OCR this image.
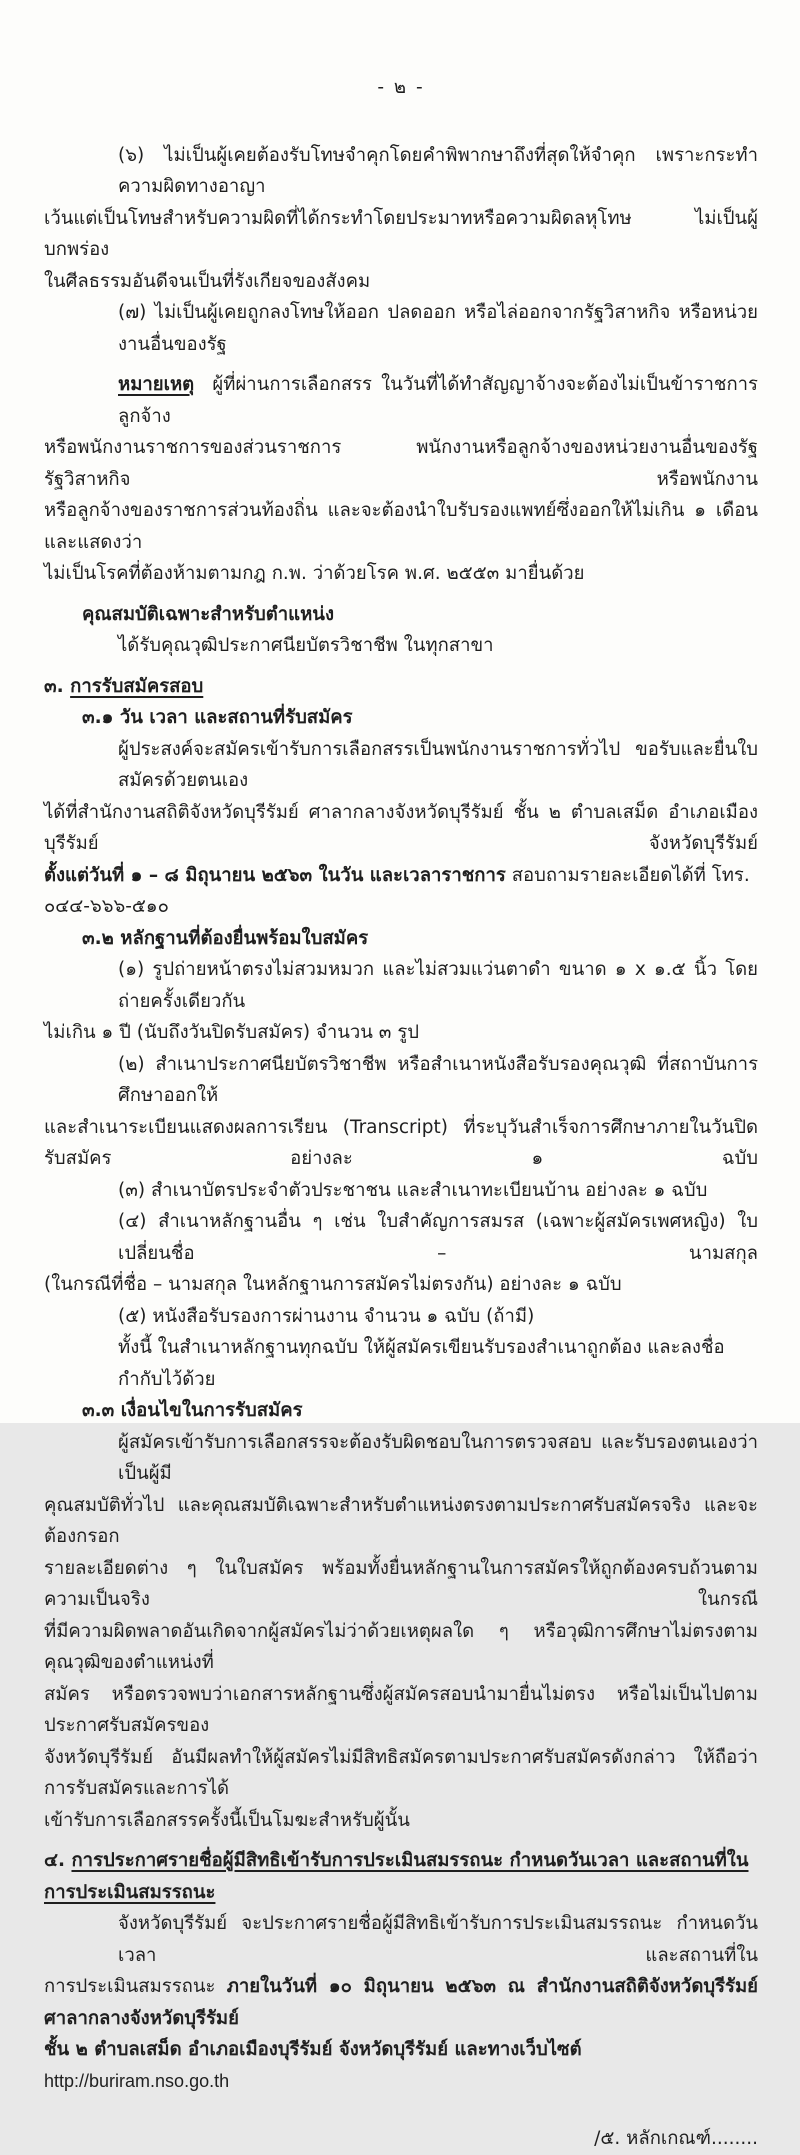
- ๒ -
(๖) ไม่เป็นผู้เคยต้องรับโทษจำคุกโดยคำพิพากษาถึงที่สุดให้จำคุก เพราะกระทำความผิดทางอาญา
เว้นแต่เป็นโทษสำหรับความผิดที่ได้กระทำโดยประมาทหรือความผิดลหุโทษ ไม่เป็นผู้บกพร่อง
ในศีลธรรมอันดีจนเป็นที่รังเกียจของสังคม
(๗) ไม่เป็นผู้เคยถูกลงโทษให้ออก ปลดออก หรือไล่ออกจากรัฐวิสาหกิจ หรือหน่วยงานอื่นของรัฐ
หมายเหตุ  ผู้ที่ผ่านการเลือกสรร ในวันที่ได้ทำสัญญาจ้างจะต้องไม่เป็นข้าราชการ ลูกจ้าง
หรือพนักงานราชการของส่วนราชการ พนักงานหรือลูกจ้างของหน่วยงานอื่นของรัฐ รัฐวิสาหกิจ หรือพนักงาน
หรือลูกจ้างของราชการส่วนท้องถิ่น และจะต้องนำใบรับรองแพทย์ซึ่งออกให้ไม่เกิน ๑ เดือน และแสดงว่า
ไม่เป็นโรคที่ต้องห้ามตามกฎ ก.พ. ว่าด้วยโรค พ.ศ. ๒๕๕๓ มายื่นด้วย
คุณสมบัติเฉพาะสำหรับตำแหน่ง
ได้รับคุณวุฒิประกาศนียบัตรวิชาชีพ ในทุกสาขา
๓. การรับสมัครสอบ
๓.๑ วัน เวลา และสถานที่รับสมัคร
ผู้ประสงค์จะสมัครเข้ารับการเลือกสรรเป็นพนักงานราชการทั่วไป ขอรับและยื่นใบสมัครด้วยตนเอง
ได้ที่สำนักงานสถิติจังหวัดบุรีรัมย์ ศาลากลางจังหวัดบุรีรัมย์ ชั้น ๒ ตำบลเสม็ด อำเภอเมืองบุรีรัมย์ จังหวัดบุรีรัมย์
ตั้งแต่วันที่ ๑ – ๘ มิถุนายน ๒๕๖๓ ในวัน และเวลาราชการ สอบถามรายละเอียดได้ที่ โทร. ๐๔๔-๖๖๖-๕๑๐
๓.๒ หลักฐานที่ต้องยื่นพร้อมใบสมัคร
(๑) รูปถ่ายหน้าตรงไม่สวมหมวก และไม่สวมแว่นตาดำ ขนาด ๑ x ๑.๕ นิ้ว โดยถ่ายครั้งเดียวกัน
ไม่เกิน ๑ ปี (นับถึงวันปิดรับสมัคร) จำนวน ๓ รูป
(๒) สำเนาประกาศนียบัตรวิชาชีพ หรือสำเนาหนังสือรับรองคุณวุฒิ ที่สถาบันการศึกษาออกให้
และสำเนาระเบียนแสดงผลการเรียน (Transcript) ที่ระบุวันสำเร็จการศึกษาภายในวันปิดรับสมัคร อย่างละ ๑ ฉบับ
(๓) สำเนาบัตรประจำตัวประชาชน และสำเนาทะเบียนบ้าน อย่างละ ๑ ฉบับ
(๔) สำเนาหลักฐานอื่น ๆ เช่น ใบสำคัญการสมรส (เฉพาะผู้สมัครเพศหญิง) ใบเปลี่ยนชื่อ – นามสกุล
(ในกรณีที่ชื่อ – นามสกุล ในหลักฐานการสมัครไม่ตรงกัน) อย่างละ ๑ ฉบับ
(๕) หนังสือรับรองการผ่านงาน จำนวน ๑ ฉบับ (ถ้ามี)
ทั้งนี้ ในสำเนาหลักฐานทุกฉบับ ให้ผู้สมัครเขียนรับรองสำเนาถูกต้อง และลงชื่อกำกับไว้ด้วย
๓.๓ เงื่อนไขในการรับสมัคร
ผู้สมัครเข้ารับการเลือกสรรจะต้องรับผิดชอบในการตรวจสอบ และรับรองตนเองว่าเป็นผู้มี
คุณสมบัติทั่วไป และคุณสมบัติเฉพาะสำหรับตำแหน่งตรงตามประกาศรับสมัครจริง และจะต้องกรอก
รายละเอียดต่าง ๆ ในใบสมัคร พร้อมทั้งยื่นหลักฐานในการสมัครให้ถูกต้องครบถ้วนตามความเป็นจริง ในกรณี
ที่มีความผิดพลาดอันเกิดจากผู้สมัครไม่ว่าด้วยเหตุผลใด ๆ หรือวุฒิการศึกษาไม่ตรงตามคุณวุฒิของตำแหน่งที่
สมัคร หรือตรวจพบว่าเอกสารหลักฐานซึ่งผู้สมัครสอบนำมายื่นไม่ตรง หรือไม่เป็นไปตามประกาศรับสมัครของ
จังหวัดบุรีรัมย์ อันมีผลทำให้ผู้สมัครไม่มีสิทธิสมัครตามประกาศรับสมัครดังกล่าว ให้ถือว่าการรับสมัครและการได้
เข้ารับการเลือกสรรครั้งนี้เป็นโมฆะสำหรับผู้นั้น
๔. การประกาศรายชื่อผู้มีสิทธิเข้ารับการประเมินสมรรถนะ กำหนดวันเวลา และสถานที่ในการประเมินสมรรถนะ
จังหวัดบุรีรัมย์ จะประกาศรายชื่อผู้มีสิทธิเข้ารับการประเมินสมรรถนะ กำหนดวัน เวลา และสถานที่ใน
การประเมินสมรรถนะ ภายในวันที่ ๑๐ มิถุนายน ๒๕๖๓ ณ สำนักงานสถิติจังหวัดบุรีรัมย์ ศาลากลางจังหวัดบุรีรัมย์
ชั้น ๒ ตำบลเสม็ด อำเภอเมืองบุรีรัมย์ จังหวัดบุรีรัมย์ และทางเว็บไซต์  http://buriram.nso.go.th
/๕. หลักเกณฑ์........
